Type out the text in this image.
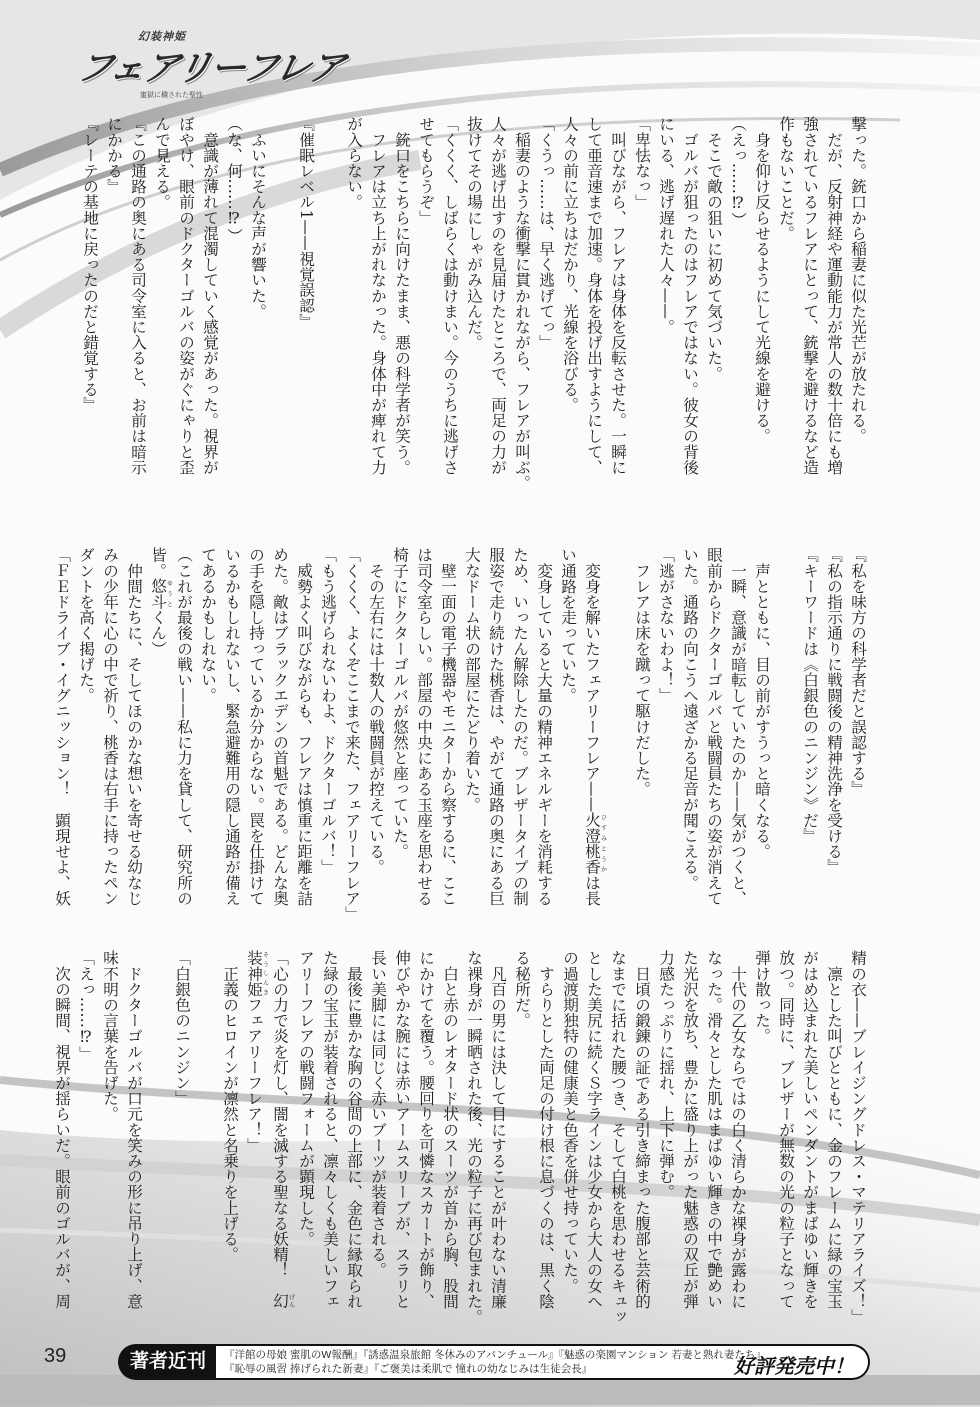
幻装神姫
フェアリーフレア
蜜獄に穢された聖性
撃った。銃口から稲妻に似た光芒が放たれる。
　だが、反射神経や運動能力が常人の数十倍にも増
強されているフレアにとって、銃撃を避けるなど造
作もないことだ。
　身を仰け反らせるようにして光線を避ける。
（えっ……⁉）
　そこで敵の狙いに初めて気づいた。
　ゴルバが狙ったのはフレアではない。彼女の背後
にいる、逃げ遅れた人々——。
「卑怯なっ」
　叫びながら、フレアは身体を反転させた。一瞬に
して亜音速まで加速。身体を投げ出すようにして、
人々の前に立ちはだかり、光線を浴びる。
「くうっ……は、早く逃げてっ」
　稲妻のような衝撃に貫かれながら、フレアが叫ぶ。
人々が逃げ出すのを見届けたところで、両足の力が
抜けてその場にしゃがみ込んだ。
「くくく、しばらくは動けまい。今のうちに逃げさ
せてもらうぞ」
　銃口をこちらに向けたまま、悪の科学者が笑う。
　フレアは立ち上がれなかった。身体中が痺れて力
が入らない。
『催眠レベル1——視覚誤認』
　ふいにそんな声が響いた。
（な、何……⁉）
　意識が薄れて混濁していく感覚があった。視界が
ぼやけ、眼前のドクターゴルバの姿がぐにゃりと歪
んで見える。
『この通路の奥にある司令室に入ると、お前は暗示
にかかる』
『レーテの基地に戻ったのだと錯覚する』
『私を味方の科学者だと誤認する』
『私の指示通りに戦闘後の精神洗浄を受ける』
『キーワードは《白銀色のニンジン》だ』
　声とともに、目の前がすうっと暗くなる。
　一瞬、意識が暗転していたのか——気がつくと、
眼前からドクターゴルバと戦闘員たちの姿が消えて
いた。通路の向こうへ遠ざかる足音が聞こえる。
「逃がさないわよ！」
　フレアは床を蹴って駆けだした。
　変身を解いたフェアリーフレア——火澄桃香ひすみとうかは長
い通路を走っていた。
　変身していると大量の精神エネルギーを消耗する
ため、いったん解除したのだ。ブレザータイプの制
服姿で走り続けた桃香は、やがて通路の奥にある巨
大なドーム状の部屋にたどり着いた。
　壁一面の電子機器やモニターから察するに、ここ
は司令室らしい。部屋の中央にある玉座を思わせる
椅子にドクターゴルバが悠然と座っていた。
　その左右には十数人の戦闘員が控えている。
「くくく、よくぞここまで来た、フェアリーフレア」
「もう逃げられないわよ、ドクターゴルバ！」
　威勢よく叫びながらも、フレアは慎重に距離を詰
めた。敵はブラックエデンの首魁である。どんな奥
の手を隠し持っているか分からない。罠を仕掛けて
いるかもしれないし、緊急避難用の隠し通路が備え
てあるかもしれない。
（これが最後の戦い——私に力を貸して、研究所の
皆。悠斗ゆうとくん）
　仲間たちに、そしてほのかな想いを寄せる幼なじ
みの少年に心の中で祈り、桃香は右手に持ったペン
ダントを高く掲げた。
「ＦＥドライブ・イグニッション！　顕現せよ、妖
精の衣——ブレイジングドレス・マテリアライズ！」
　凛とした叫びとともに、金のフレームに緑の宝玉
がはめ込まれた美しいペンダントがまばゆい輝きを
放つ。同時に、ブレザーが無数の光の粒子となって
弾け散った。
　十代の乙女ならではの白く清らかな裸身が露わに
なった。滑々とした肌はまばゆい輝きの中で艶めい
た光沢を放ち、豊かに盛り上がった魅惑の双丘が弾
力感たっぷりに揺れ、上下に弾む。
　日頃の鍛錬の証である引き締まった腹部と芸術的
なまでに括れた腰つき、そして白桃を思わせるキュッ
とした美尻に続くＳ字ラインは少女から大人の女へ
の過渡期独特の健康美と色香を併せ持っていた。
　すらりとした両足の付け根に息づくのは、黒く陰
る秘所だ。
　凡百の男には決して目にすることが叶わない清廉
な裸身が一瞬晒された後、光の粒子に再び包まれた。
　白と赤のレオタード状のスーツが首から胸、股間
にかけてを覆う。腰回りを可憐なスカートが飾り、
伸びやかな腕には赤いアームスリーブが、スラリと
長い美脚には同じく赤いブーツが装着される。
　最後に豊かな胸の谷間の上部に、金色に縁取られ
た緑の宝玉が装着されると、凛々しくも美しいフェ
アリーフレアの戦闘フォームが顕現した。
「心の力で炎を灯し、闇を滅する聖なる妖精！　幻げん
装神姫そうしんきフェアリーフレア！」
　正義のヒロインが凛然と名乗りを上げる。
「白銀色のニンジン」
　ドクターゴルバが口元を笑みの形に吊り上げ、意
味不明の言葉を告げた。
「えっ……⁉」
　次の瞬間、視界が揺らいだ。眼前のゴルバが、周
39	著者近刊	『洋館の母娘 蜜肌のW報酬』『誘惑温泉旅館 冬休みのアバンチュール』『魅惑の楽園マンション 若妻と熟れ妻たち』
『恥辱の風習 捧げられた新妻』『ご褒美は柔肌で 憧れの幼なじみは生徒会長』	好評発売中！
